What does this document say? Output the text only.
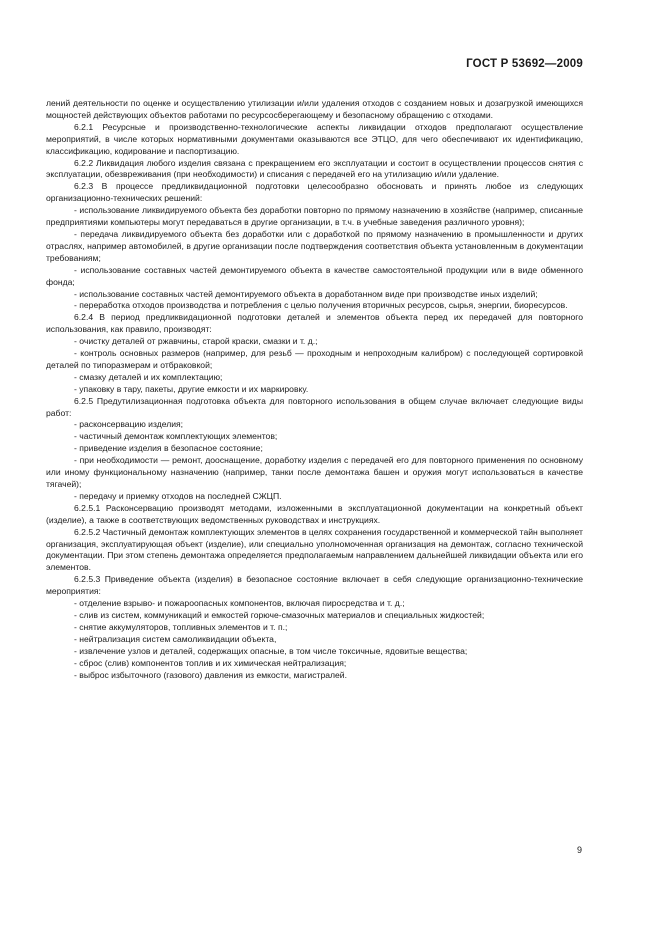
ГОСТ Р 53692—2009

лений деятельности по оценке и осуществлению утилизации и/или удаления отходов с созданием новых и дозагрузкой имеющихся мощностей действующих объектов работами по ресурсосберегающему и безопасному обращению с отходами.

6.2.1 Ресурсные и производственно-технологические аспекты ликвидации отходов предполагают осуществление мероприятий, в числе которых нормативными документами оказываются все ЭТЦО, для чего обеспечивают их идентификацию, классификацию, кодирование и паспортизацию.

6.2.2 Ликвидация любого изделия связана с прекращением его эксплуатации и состоит в осуществлении процессов снятия с эксплуатации, обезвреживания (при необходимости) и списания с передачей его на утилизацию и/или удаление.

6.2.3 В процессе предликвидационной подготовки целесообразно обосновать и принять любое из следующих организационно-технических решений:

- использование ликвидируемого объекта без доработки повторно по прямому назначению в хозяйстве (например, списанные предприятиями компьютеры могут передаваться в другие организации, в т.ч. в учебные заведения различного уровня);

- передача ликвидируемого объекта без доработки или с доработкой по прямому назначению в промышленности и других отраслях, например автомобилей, в другие организации после подтверждения соответствия объекта установленным в документации требованиям;

- использование составных частей демонтируемого объекта в качестве самостоятельной продукции или в виде обменного фонда;

- использование составных частей демонтируемого объекта в доработанном виде при производстве иных изделий;

- переработка отходов производства и потребления с целью получения вторичных ресурсов, сырья, энергии, биоресурсов.

6.2.4 В период предликвидационной подготовки деталей и элементов объекта перед их передачей для повторного использования, как правило, производят:

- очистку деталей от ржавчины, старой краски, смазки и т. д.;

- контроль основных размеров (например, для резьб — проходным и непроходным калибром) с последующей сортировкой деталей по типоразмерам и отбраковкой;

- смазку деталей и их комплектацию;

- упаковку в тару, пакеты, другие емкости и их маркировку.

6.2.5 Предутилизационная подготовка объекта для повторного использования в общем случае включает следующие виды работ:

- расконсервацию изделия;

- частичный демонтаж комплектующих элементов;

- приведение изделия в безопасное состояние;

- при необходимости — ремонт, дооснащение, доработку изделия с передачей его для повторного применения по основному или иному функциональному назначению (например, танки после демонтажа башен и оружия могут использоваться в качестве тягачей);

- передачу и приемку отходов на последней СЖЦП.

6.2.5.1 Расконсервацию производят методами, изложенными в эксплуатационной документации на конкретный объект (изделие), а также в соответствующих ведомственных руководствах и инструкциях.

6.2.5.2 Частичный демонтаж комплектующих элементов в целях сохранения государственной и коммерческой тайн выполняет организация, эксплуатирующая объект (изделие), или специально уполномоченная организация на демонтаж, согласно технической документации. При этом степень демонтажа определяется предполагаемым направлением дальнейшей ликвидации объекта или его элементов.

6.2.5.3 Приведение объекта (изделия) в безопасное состояние включает в себя следующие организационно-технические мероприятия:

- отделение взрыво- и пожароопасных компонентов, включая пиросредства и т. д.;

- слив из систем, коммуникаций и емкостей горюче-смазочных материалов и специальных жидкостей;

- снятие аккумуляторов, топливных элементов и т. п.;

- нейтрализация систем самоликвидации объекта,

- извлечение узлов и деталей, содержащих опасные, в том числе токсичные, ядовитые вещества;

- сброс (слив) компонентов топлив и их химическая нейтрализация;

- выброс избыточного (газового) давления из емкости, магистралей.

9
